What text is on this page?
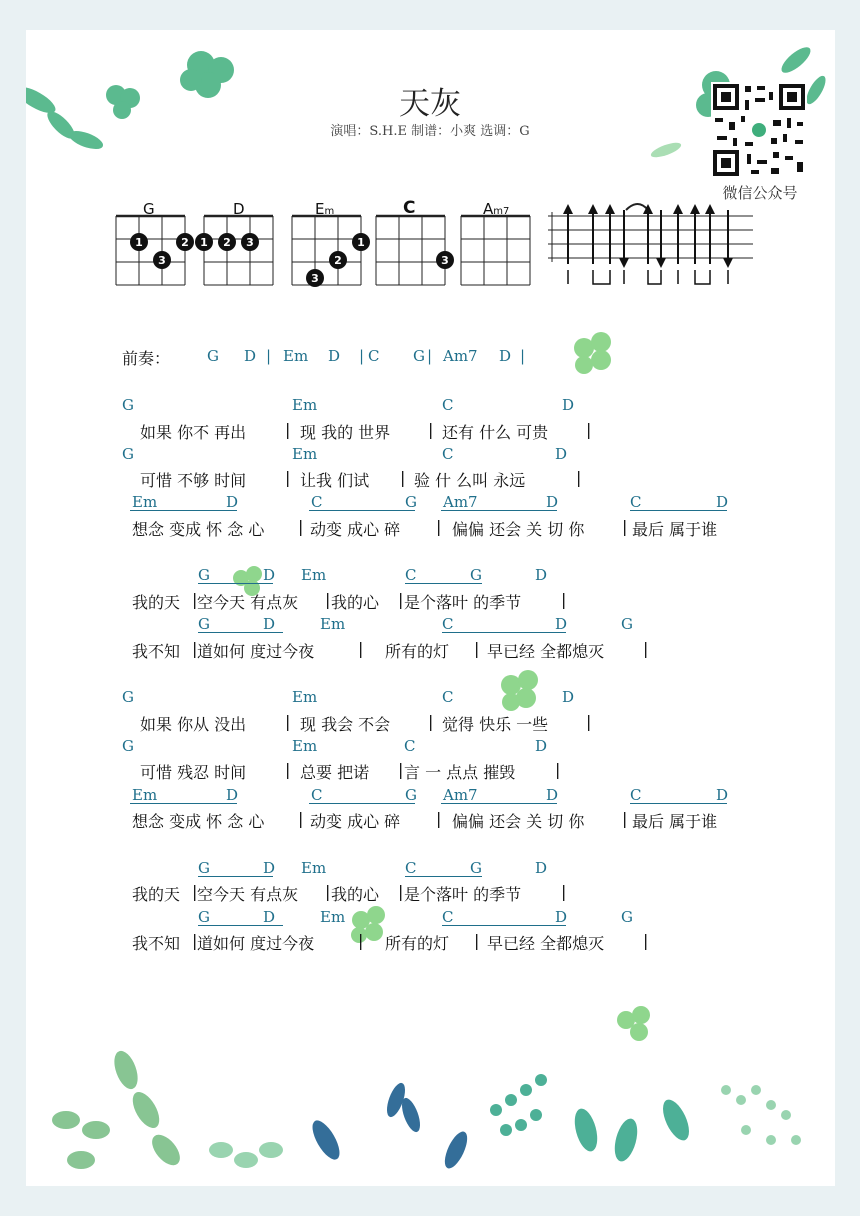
天灰
演唱：S.H.E 制谱：小爽 选调：G
微信公众号
G	D	Em	C	Am7
1	2
3
1 2 3	1
2
3
3
前奏： G D | Em D | C G | Am7 D |
G	Em	C	D
如果 你不 再出 | 现 我的 世界 | 还有 什么 可贵 |
G	Em	C	D
可惜 不够 时间 | 让我 们试 | 验 什 么叫 永远	|
Em	D	C	G Am7	D	C	D
想念 变成 怀 念 心 | 动变 成心 碎 | 偏偏 还会 关 切 你 | 最后 属于谁
G	D Em	C	G	D
我的天 | 空今天 有点灰 | 我的心 | 是个落叶 的季节 |
G	D	Em	C	D	G
我不知 | 道如何 度过今夜	| 所有的灯 | 早已经 全都熄灭 |
G	Em	C	D
如果 你从 没出 | 现 我会 不会 | 觉得 快乐 一些 |
G	Em	C	D
可惜 残忍 时间 | 总要 把诺 | 言 一 点点 摧毁 |
Em	D	C	G Am7	D	C	D
想念 变成 怀 念 心 | 动变 成心 碎 | 偏偏 还会 关 切 你 | 最后 属于谁
G	D Em	C	G	D
我的天 | 空今天 有点灰 | 我的心 | 是个落叶 的季节 |
G	D	Em	C	D	G
我不知 | 道如何 度过今夜	| 所有的灯 | 早已经 全都熄灭 |
